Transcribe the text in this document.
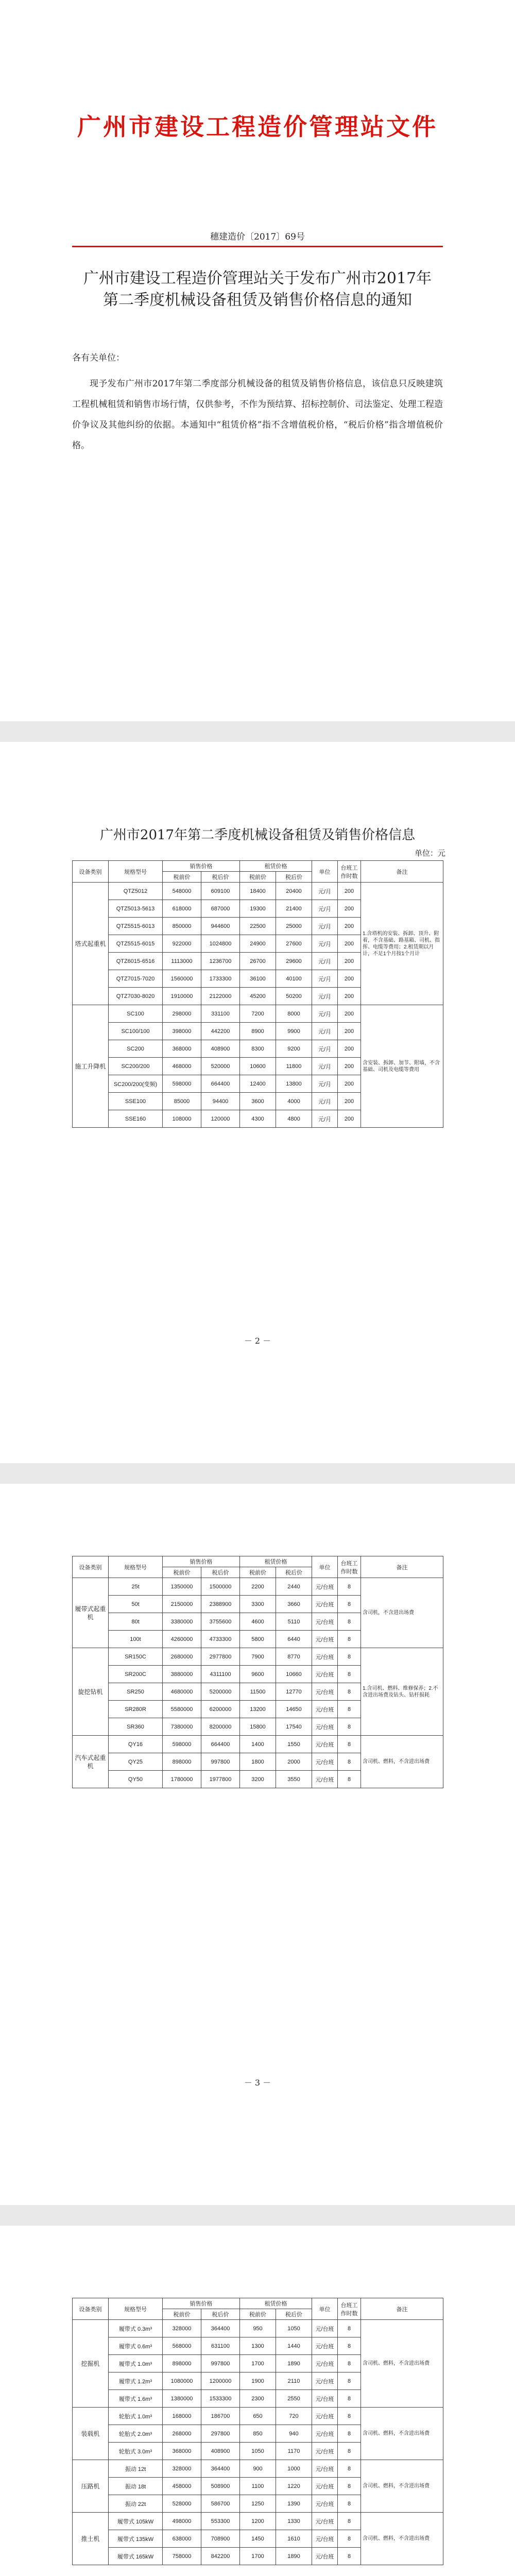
广州市建设工程造价管理站文件
穗建造价〔2017〕69号
广州市建设工程造价管理站关于发布广州市2017年第二季度机械设备租赁及销售价格信息的通知
各有关单位：

现予发布广州市2017年第二季度部分机械设备的租赁及销售价格信息，该信息只反映建筑工程机械租赁和销售市场行情，仅供参考，不作为预结算、招标控制价、司法鉴定、处理工程造价争议及其他纠纷的依据。本通知中“租赁价格”指不含增值税价格，“税后价格”指含增值税价格。

广州市2017年第二季度机械设备租赁及销售价格信息
单位：元
设备类别	规格型号	销售价格		租赁价格		单位	台班工作时数	备注
		税前价	税后价	税前价	税后价			
塔式起重机	QTZ5012	548000	609100	18400	20400	元/月	200	1.含塔机的安装、拆卸、顶升、附着，不含基础、路基箱、司机、指挥、电缆等费用；2.租赁期以月计，不足1个月按1个月计
	QTZ5013-5613	618000	687000	19300	21400	元/月	200	
	QTZ5515-6013	850000	944600	22500	25000	元/月	200	
	QTZ5515-6015	922000	1024800	24900	27600	元/月	200	
	QTZ6015-6516	1113000	1236700	26700	29600	元/月	200	
	QTZ7015-7020	1560000	1733300	36100	40100	元/月	200	
	QTZ7030-8020	1910000	2122000	45200	50200	元/月	200	
施工升降机	SC100	298000	331100	7200	8000	元/月	200	含安装、拆卸、加节、附墙，不含基础、司机及电缆等费用
	SC100/100	398000	442200	8900	9900	元/月	200	
	SC200	368000	408900	8300	9200	元/月	200	
	SC200/200	468000	520000	10600	11800	元/月	200	
	SC200/200(变频)	598000	664400	12400	13800	元/月	200	
	SSE100	85000	94400	3600	4000	元/月	200	
	SSE160	108000	120000	4300	4800	元/月	200	
－ 2 －
设备类别	规格型号	销售价格		租赁价格		单位	台班工作时数	备注
		税前价	税后价	税前价	税后价			
履带式起重机	25t	1350000	1500000	2200	2440	元/台班	8	含司机，不含进出场费
	50t	2150000	2388900	3300	3660	元/台班	8	
	80t	3380000	3755600	4600	5110	元/台班	8	
	100t	4260000	4733300	5800	6440	元/台班	8	
旋挖钻机	SR150C	2680000	2977800	7900	8770	元/台班	8	1.含司机、燃料、维修保养；2.不含进出场费及钻头、钻杆损耗
	SR200C	3880000	4311100	9600	10660	元/台班	8	
	SR250	4680000	5200000	11500	12770	元/台班	8	
	SR280R	5580000	6200000	13200	14650	元/台班	8	
	SR360	7380000	8200000	15800	17540	元/台班	8	
汽车式起重机	QY16	598000	664400	1400	1550	元/台班	8	含司机、燃料，不含进出场费
	QY25	898000	997800	1800	2000	元/台班	8	
	QY50	1780000	1977800	3200	3550	元/台班	8	
－ 3 －
设备类别	规格型号	销售价格		租赁价格		单位	台班工作时数	备注
		税前价	税后价	税前价	税后价			
挖掘机	履带式 0.3m³	328000	364400	950	1050	元/台班	8	含司机、燃料，不含进出场费
	履带式 0.6m³	568000	631100	1300	1440	元/台班	8	
	履带式 1.0m³	898000	997800	1700	1890	元/台班	8	
	履带式 1.2m³	1080000	1200000	1900	2110	元/台班	8	
	履带式 1.6m³	1380000	1533300	2300	2550	元/台班	8	
装载机	轮胎式 1.0m³	168000	186700	650	720	元/台班	8	含司机、燃料，不含进出场费
	轮胎式 2.0m³	268000	297800	850	940	元/台班	8	
	轮胎式 3.0m³	368000	408900	1050	1170	元/台班	8	
压路机	振动 12t	328000	364400	900	1000	元/台班	8	含司机、燃料，不含进出场费
	振动 18t	458000	508900	1100	1220	元/台班	8	
	振动 22t	528000	586700	1250	1390	元/台班	8	
推土机	履带式 105kW	498000	553300	1200	1330	元/台班	8	含司机、燃料，不含进出场费
	履带式 135kW	638000	708900	1450	1610	元/台班	8	
	履带式 165kW	758000	842200	1700	1890	元/台班	8	
